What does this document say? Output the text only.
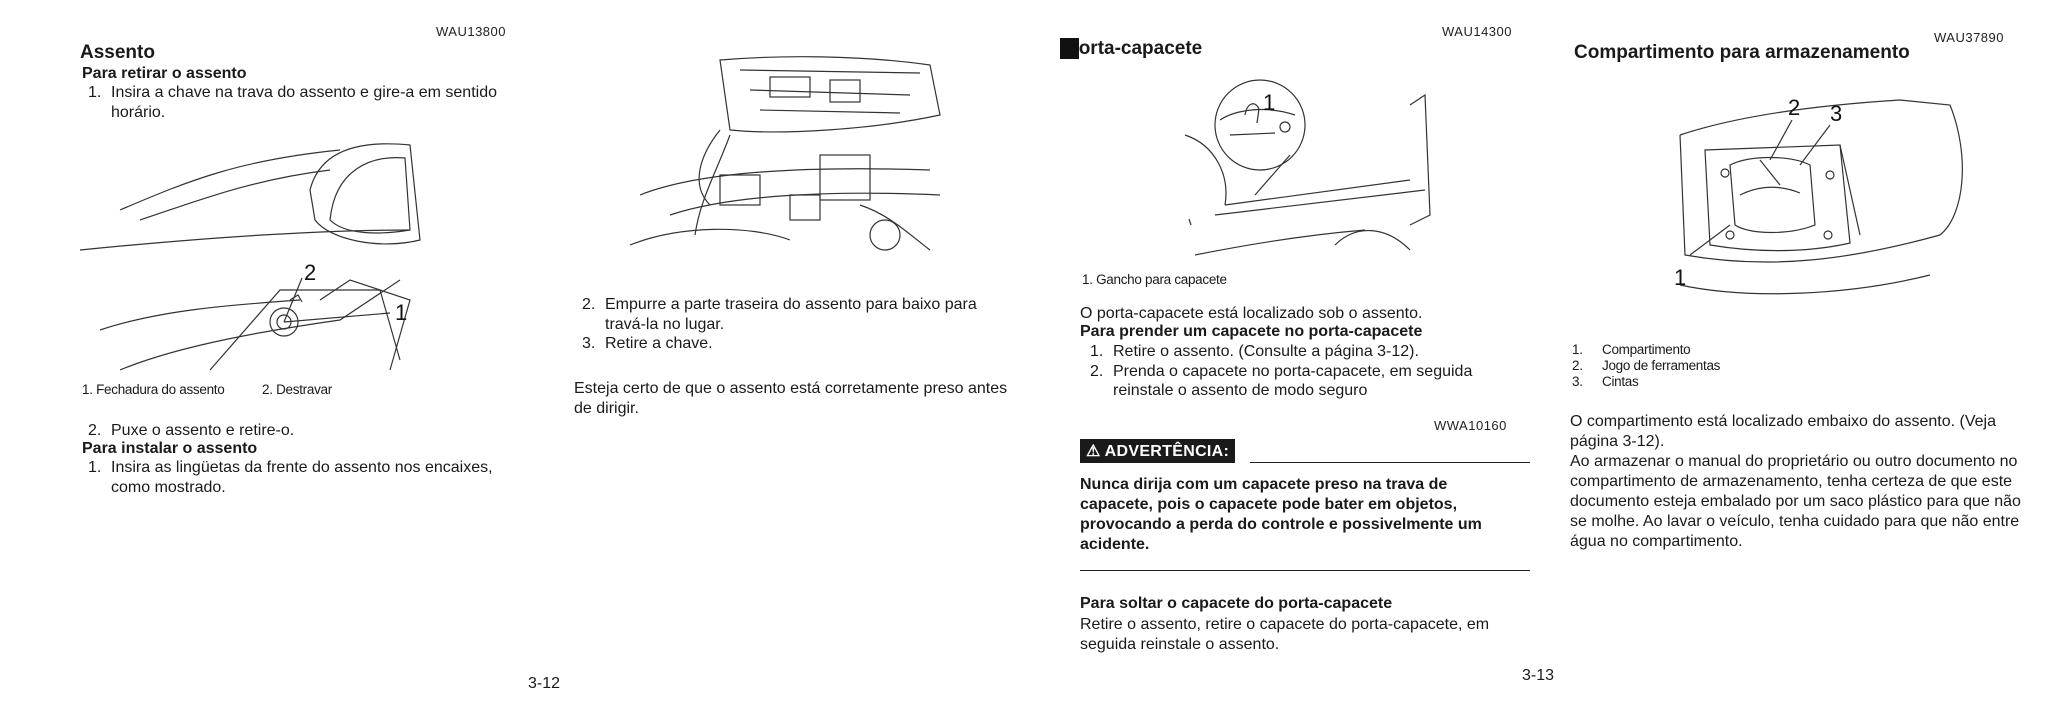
WAU13800
Assento
Para retirar o assento
1. Insira a chave na trava do assento e gire-a em sentido horário.
2
1
1. Fechadura do assento	2. Destravar
2. Puxe o assento e retire-o.
Para instalar o assento
1. Insira as lingüetas da frente do assento nos encaixes, como mostrado.
2. Empurre a parte traseira do assento para baixo para travá-la no lugar.
3. Retire a chave.
Esteja certo de que o assento está corretamente preso antes de dirigir.
3-12
WAU14300
P orta-capacete
1
1. Gancho para capacete
O porta-capacete está localizado sob o assento.
Para prender um capacete no porta-capacete
1. Retire o assento. (Consulte a página 3-12).
2. Prenda o capacete no porta-capacete, em seguida reinstale o assento de modo seguro
WWA10160
⚠ ADVERTÊNCIA:
Nunca dirija com um capacete preso na trava de capacete, pois o capacete pode bater em objetos, provocando a perda do controle e possivelmente um acidente.
Para soltar o capacete do porta-capacete
Retire o assento, retire o capacete do porta-capacete, em seguida reinstale o assento.
3-13
WAU37890
Compartimento para armazenamento
2 3
1
1. Compartimento
2. Jogo de ferramentas
3. Cintas
O compartimento está localizado embaixo do assento. (Veja página 3-12).
Ao armazenar o manual do proprietário ou outro documento no compartimento de armazenamento, tenha certeza de que este documento esteja embalado por um saco plástico para que não se molhe. Ao lavar o veículo, tenha cuidado para que não entre água no compartimento.
